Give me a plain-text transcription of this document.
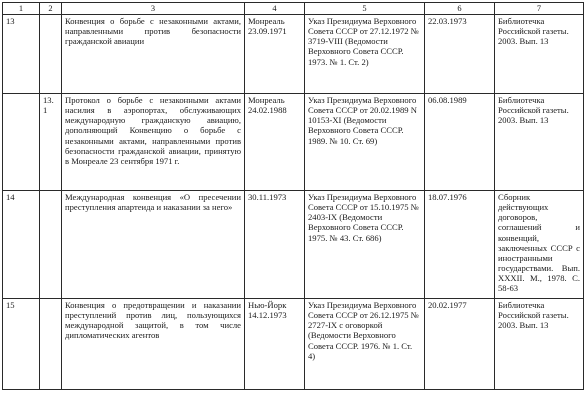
1	2	3	4	5	6	7
13		Конвенция о борьбе с незаконными актами, направленными против безопасности гражданской авиации	Монреаль 23.09.1971	Указ Президиума Верховного Совета СССР от 27.12.1972 № 3719-VIII (Ведомости Верховного Совета СССР. 1973. № 1. Ст. 2)	22.03.1973	Библиотечка Российской газеты. 2003. Вып. 13
	13.1	Протокол о борьбе с незаконными актами насилия в аэропортах, обслуживающих международную гражданскую авиацию, дополняющий Конвенцию о борьбе с незаконными актами, направленными против безопасности гражданской авиации, принятую в Монреале 23 сентября 1971 г.	Монреаль 24.02.1988	Указ Президиума Верховного Совета СССР от 20.02.1989 N 10153-XI (Ведомости Верховного Совета СССР. 1989. № 10. Ст. 69)	06.08.1989	Библиотечка Российской газеты. 2003. Вып. 13
14		Международная конвенция «О пресечении преступления апартеида и наказании за него»	30.11.1973	Указ Президиума Верховного Совета СССР от 15.10.1975 № 2403-IX (Ведомости Верховного Совета СССР. 1975. № 43. Ст. 686)	18.07.1976	Сборник действующих договоров, соглашений и конвенций, заключенных СССР с иностранными государствами. Вып. XXXII. М., 1978. С. 58-63
15		Конвенция о предотвращении и наказании преступлений против лиц, пользующихся международной защитой, в том числе дипломатических агентов	Нью-Йорк 14.12.1973	Указ Президиума Верховного Совета СССР от 26.12.1975 № 2727-IX с оговоркой (Ведомости Верховного Совета СССР. 1976. № 1. Ст. 4)	20.02.1977	Библиотечка Российской газеты. 2003. Вып. 13
